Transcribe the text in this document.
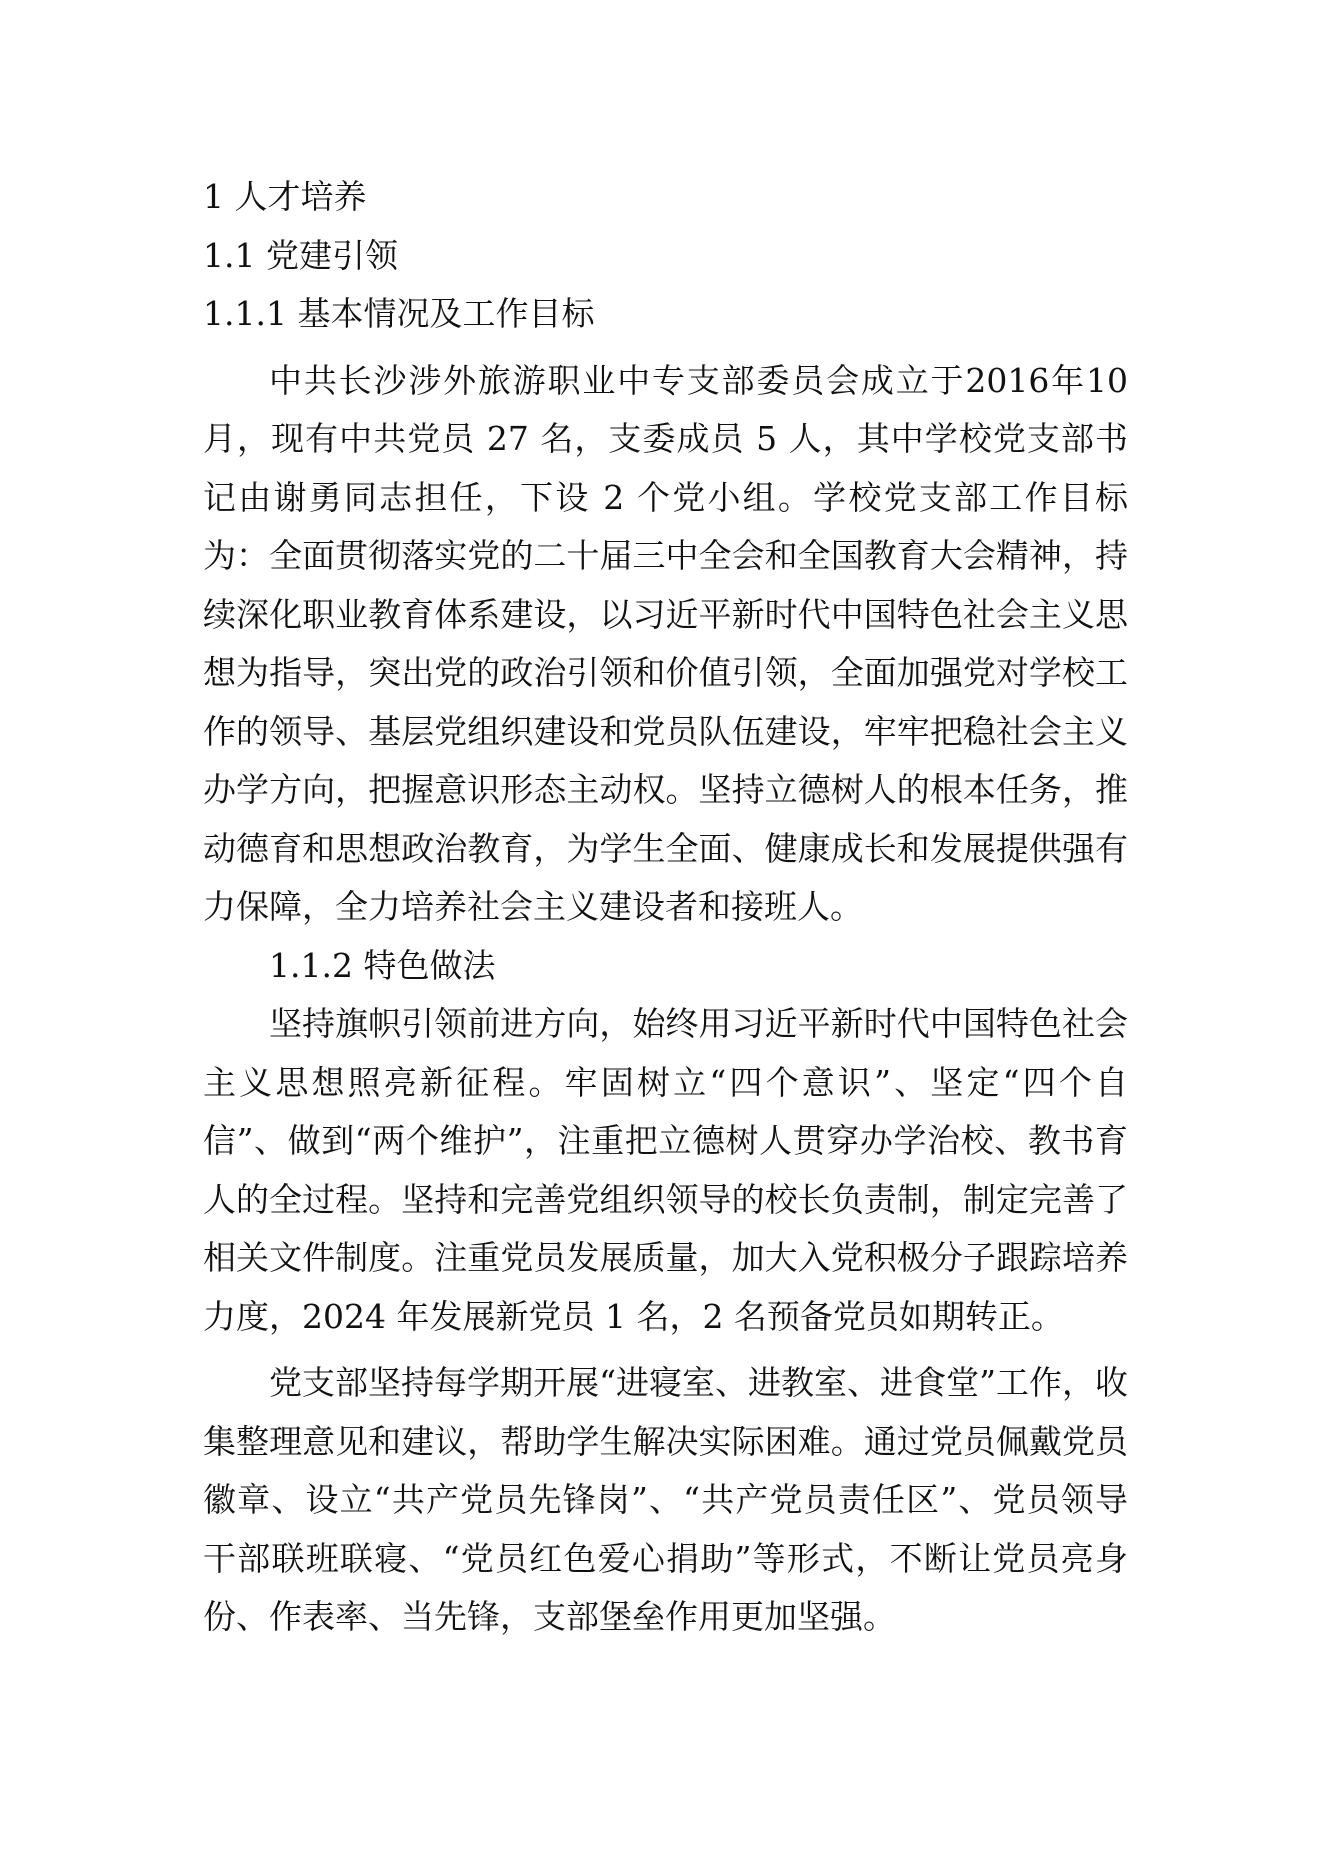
1 人才培养

1.1 党建引领

1.1.1 基本情况及工作目标

中共长沙涉外旅游职业中专支部委员会成立于2016年10月，现有中共党员 27 名，支委成员 5 人，其中学校党支部书记由谢勇同志担任，下设 2 个党小组。学校党支部工作目标为：全面贯彻落实党的二十届三中全会和全国教育大会精神，持续深化职业教育体系建设，以习近平新时代中国特色社会主义思想为指导，突出党的政治引领和价值引领，全面加强党对学校工作的领导、基层党组织建设和党员队伍建设，牢牢把稳社会主义办学方向，把握意识形态主动权。坚持立德树人的根本任务，推动德育和思想政治教育，为学生全面、健康成长和发展提供强有力保障，全力培养社会主义建设者和接班人。

1.1.2 特色做法

坚持旗帜引领前进方向，始终用习近平新时代中国特色社会主义思想照亮新征程。牢固树立“四个意识”、坚定“四个自信”、做到“两个维护”，注重把立德树人贯穿办学治校、教书育人的全过程。坚持和完善党组织领导的校长负责制，制定完善了相关文件制度。注重党员发展质量，加大入党积极分子跟踪培养力度，2024 年发展新党员 1 名，2 名预备党员如期转正。

党支部坚持每学期开展“进寝室、进教室、进食堂”工作，收集整理意见和建议，帮助学生解决实际困难。通过党员佩戴党员徽章、设立“共产党员先锋岗”、“共产党员责任区”、党员领导干部联班联寝、“党员红色爱心捐助”等形式，不断让党员亮身份、作表率、当先锋，支部堡垒作用更加坚强。
